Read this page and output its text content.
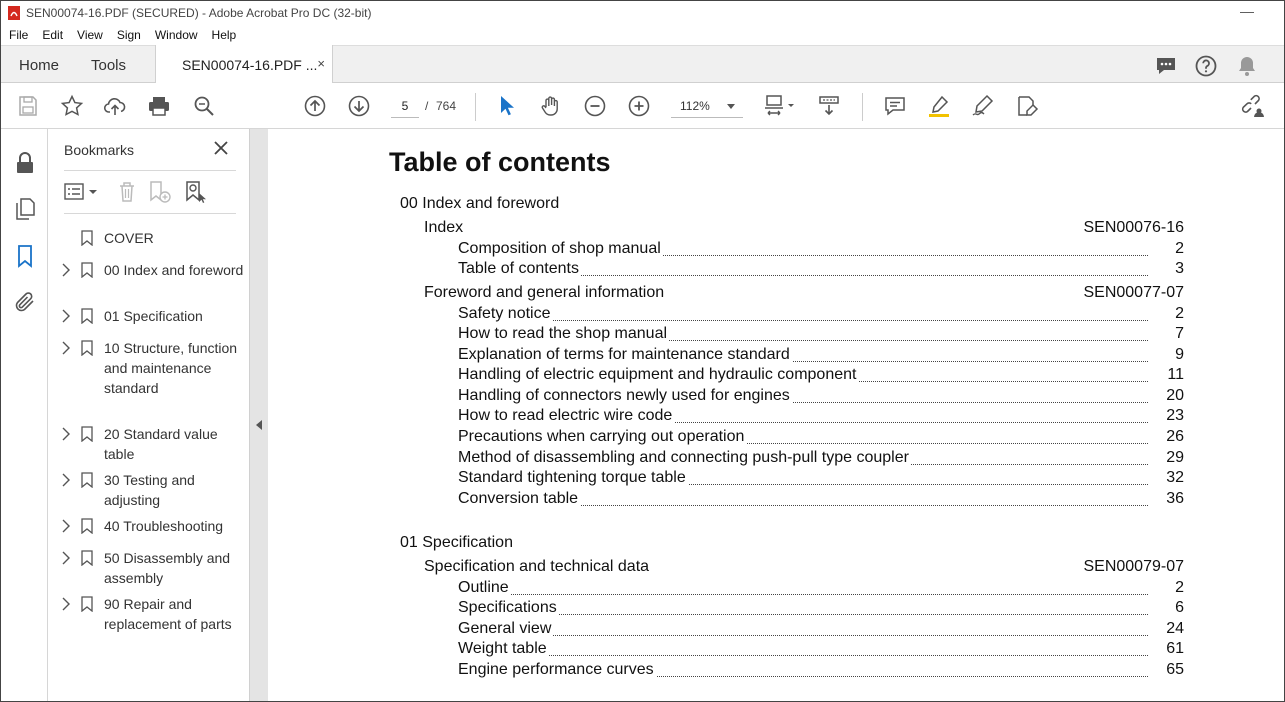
SEN00074-16.PDF (SECURED) - Adobe Acrobat Pro DC (32-bit)	—
File Edit View Sign Window Help
Home Tools	SEN00074-16.PDF ... ×
5
/ 764	112%
Bookmarks
COVER
00 Index and foreword
01 Specification
10 Structure, function and maintenance standard
20 Standard value table
30 Testing and adjusting
40 Troubleshooting
50 Disassembly and assembly
90 Repair and replacement of parts
Table of contents
00 Index and foreword
Index	SEN00076-16
Composition of shop manual	2
Table of contents	3
Foreword and general information	SEN00077-07
Safety notice	2
How to read the shop manual	7
Explanation of terms for maintenance standard	9
Handling of electric equipment and hydraulic component	11
Handling of connectors newly used for engines	20
How to read electric wire code	23
Precautions when carrying out operation	26
Method of disassembling and connecting push-pull type coupler	29
Standard tightening torque table	32
Conversion table	36
01 Specification
Specification and technical data	SEN00079-07
Outline	2
Specifications	6
General view	24
Weight table	61
Engine performance curves	65
